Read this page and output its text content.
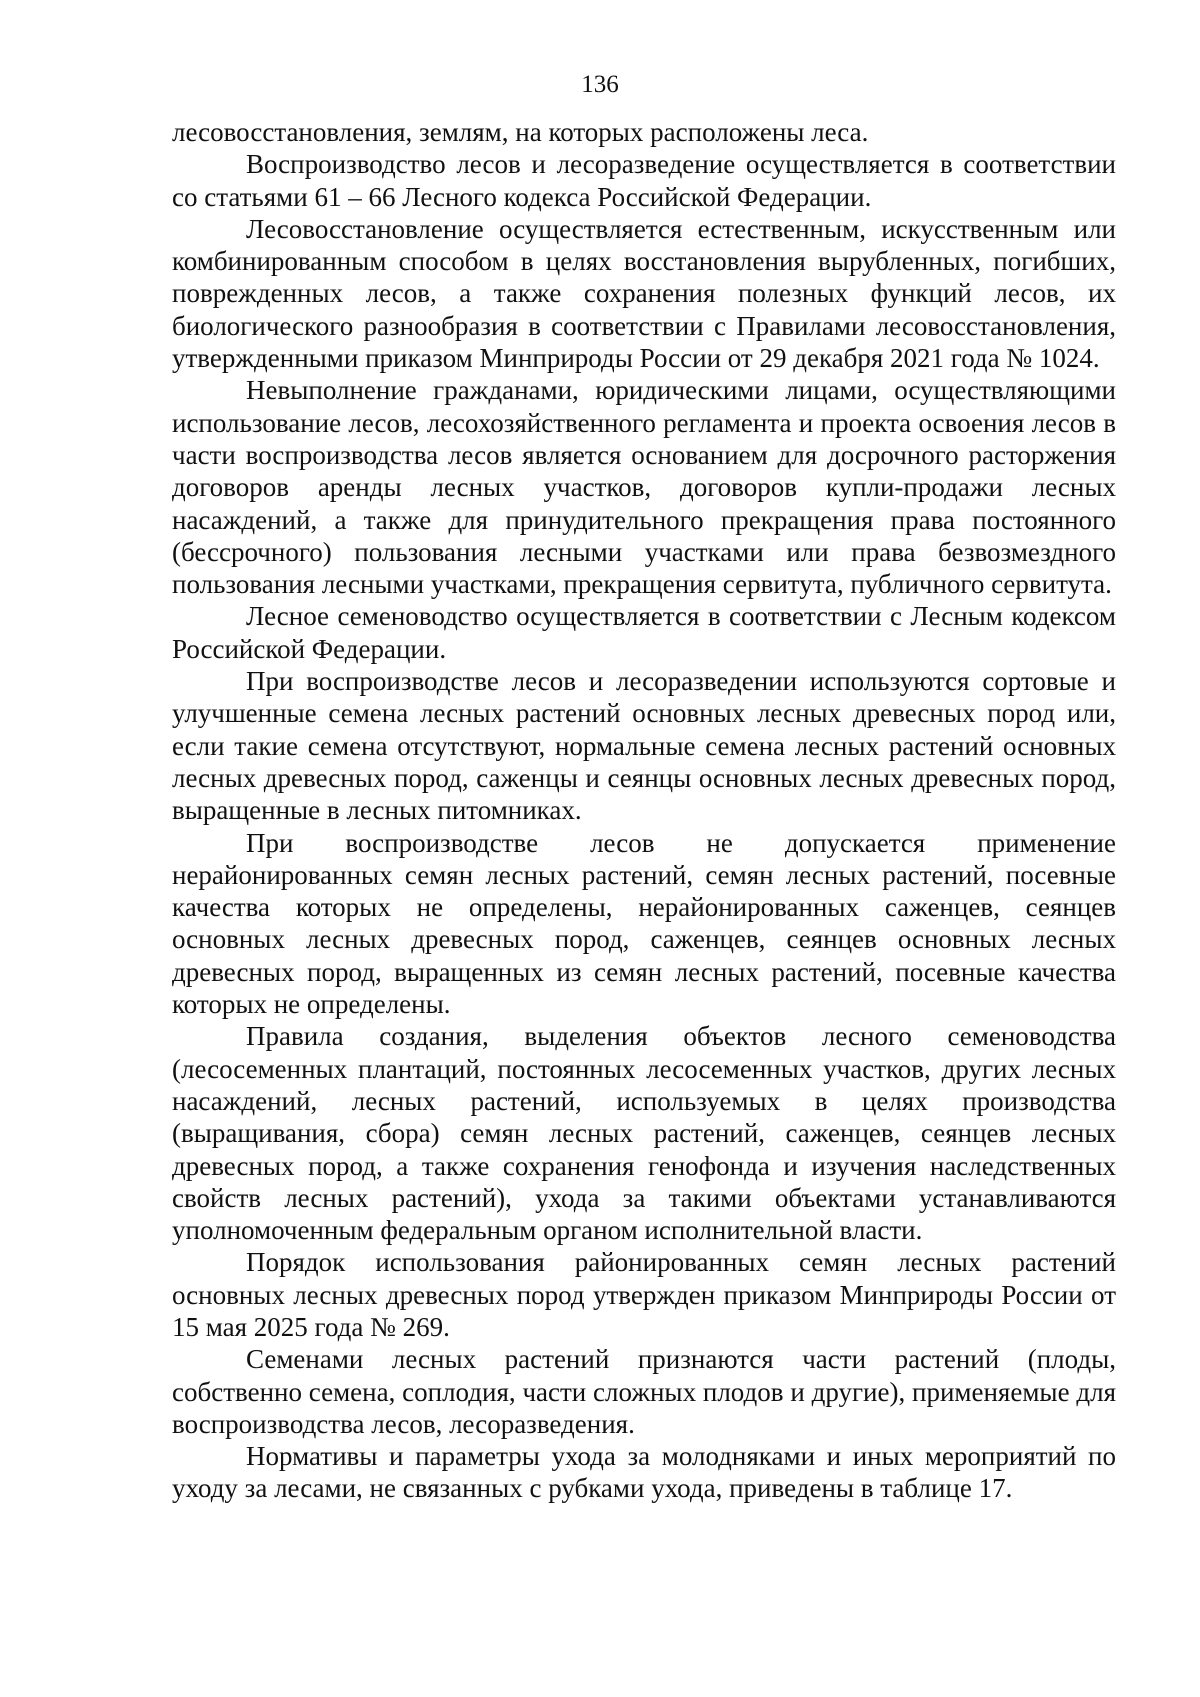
136

лесовосстановления, землям, на которых расположены леса.

Воспроизводство лесов и лесоразведение осуществляется в соответствии со статьями 61 – 66 Лесного кодекса Российской Федерации.

Лесовосстановление осуществляется естественным, искусственным или комбинированным способом в целях восстановления вырубленных, погибших, поврежденных лесов, а также сохранения полезных функций лесов, их биологического разнообразия в соответствии с Правилами лесовосстановления, утвержденными приказом Минприроды России от 29 декабря 2021 года № 1024.

Невыполнение гражданами, юридическими лицами, осуществляющими использование лесов, лесохозяйственного регламента и проекта освоения лесов в части воспроизводства лесов является основанием для досрочного расторжения договоров аренды лесных участков, договоров купли-продажи лесных насаждений, а также для принудительного прекращения права постоянного (бессрочного) пользования лесными участками или права безвозмездного пользования лесными участками, прекращения сервитута, публичного сервитута.

Лесное семеноводство осуществляется в соответствии с Лесным кодексом Российской Федерации.

При воспроизводстве лесов и лесоразведении используются сортовые и улучшенные семена лесных растений основных лесных древесных пород или, если такие семена отсутствуют, нормальные семена лесных растений основных лесных древесных пород, саженцы и сеянцы основных лесных древесных пород, выращенные в лесных питомниках.

При воспроизводстве лесов не допускается применение нерайонированных семян лесных растений, семян лесных растений, посевные качества которых не определены, нерайонированных саженцев, сеянцев основных лесных древесных пород, саженцев, сеянцев основных лесных древесных пород, выращенных из семян лесных растений, посевные качества которых не определены.

Правила создания, выделения объектов лесного семеноводства (лесосеменных плантаций, постоянных лесосеменных участков, других лесных насаждений, лесных растений, используемых в целях производства (выращивания, сбора) семян лесных растений, саженцев, сеянцев лесных древесных пород, а также сохранения генофонда и изучения наследственных свойств лесных растений), ухода за такими объектами устанавливаются уполномоченным федеральным органом исполнительной власти.

Порядок использования районированных семян лесных растений основных лесных древесных пород утвержден приказом Минприроды России от 15 мая 2025 года № 269.

Семенами лесных растений признаются части растений (плоды, собственно семена, соплодия, части сложных плодов и другие), применяемые для воспроизводства лесов, лесоразведения.

Нормативы и параметры ухода за молодняками и иных мероприятий по уходу за лесами, не связанных с рубками ухода, приведены в таблице 17.
